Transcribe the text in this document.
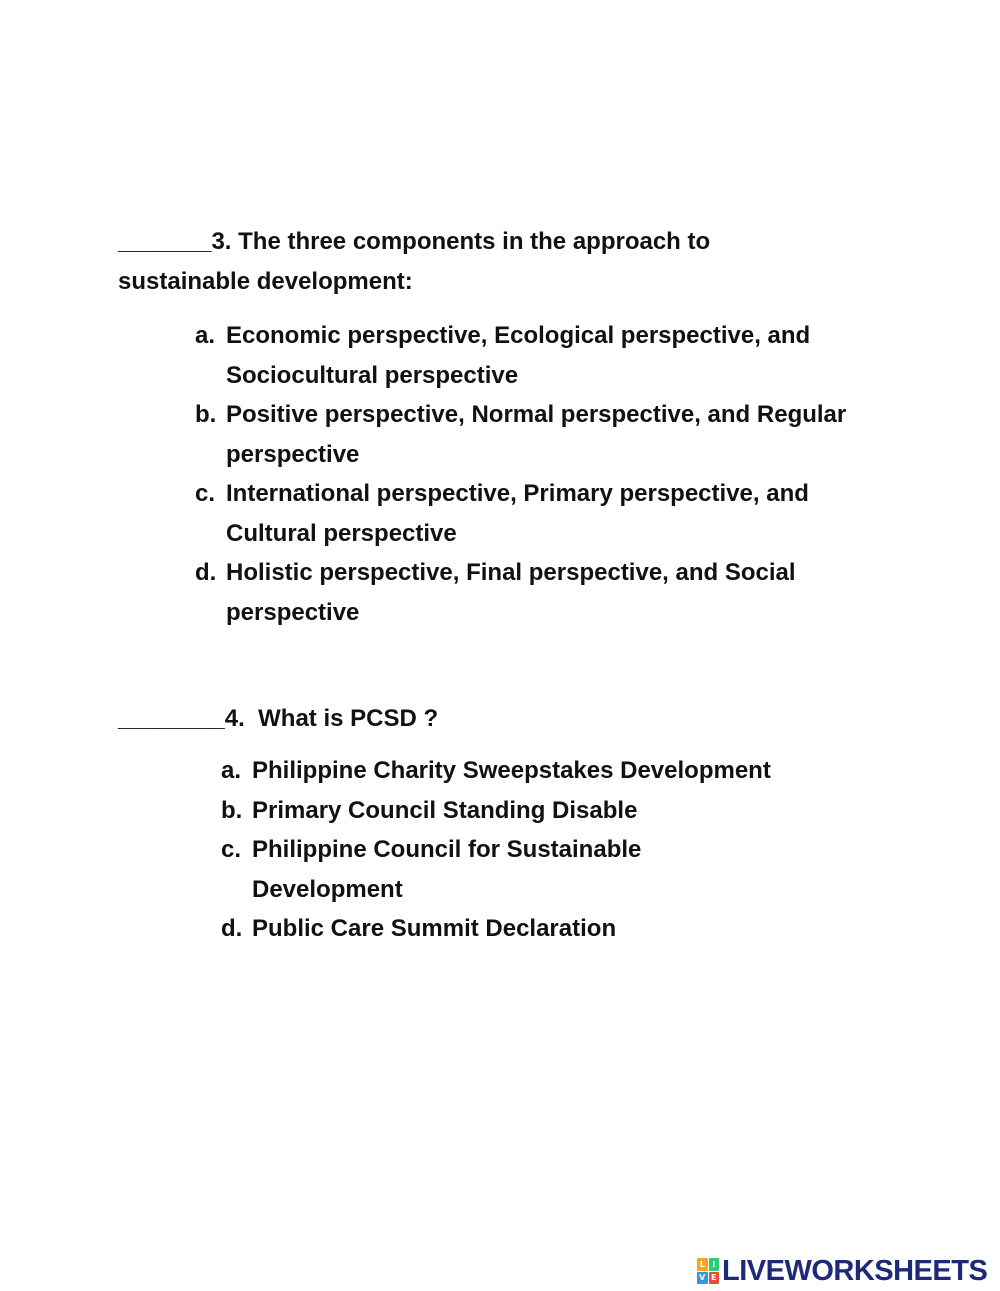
_______3. The three components in the approach to

sustainable development:

a. Economic perspective, Ecological perspective, and Sociocultural perspective
b. Positive perspective, Normal perspective, and Regular perspective
c. International perspective, Primary perspective, and Cultural perspective
d. Holistic perspective, Final perspective, and Social perspective

________4.  What is PCSD ?

a. Philippine Charity Sweepstakes Development
b. Primary Council Standing Disable
c. Philippine Council for Sustainable Development
d. Public Care Summit Declaration
L I
V E LIVEWORKSHEETS
